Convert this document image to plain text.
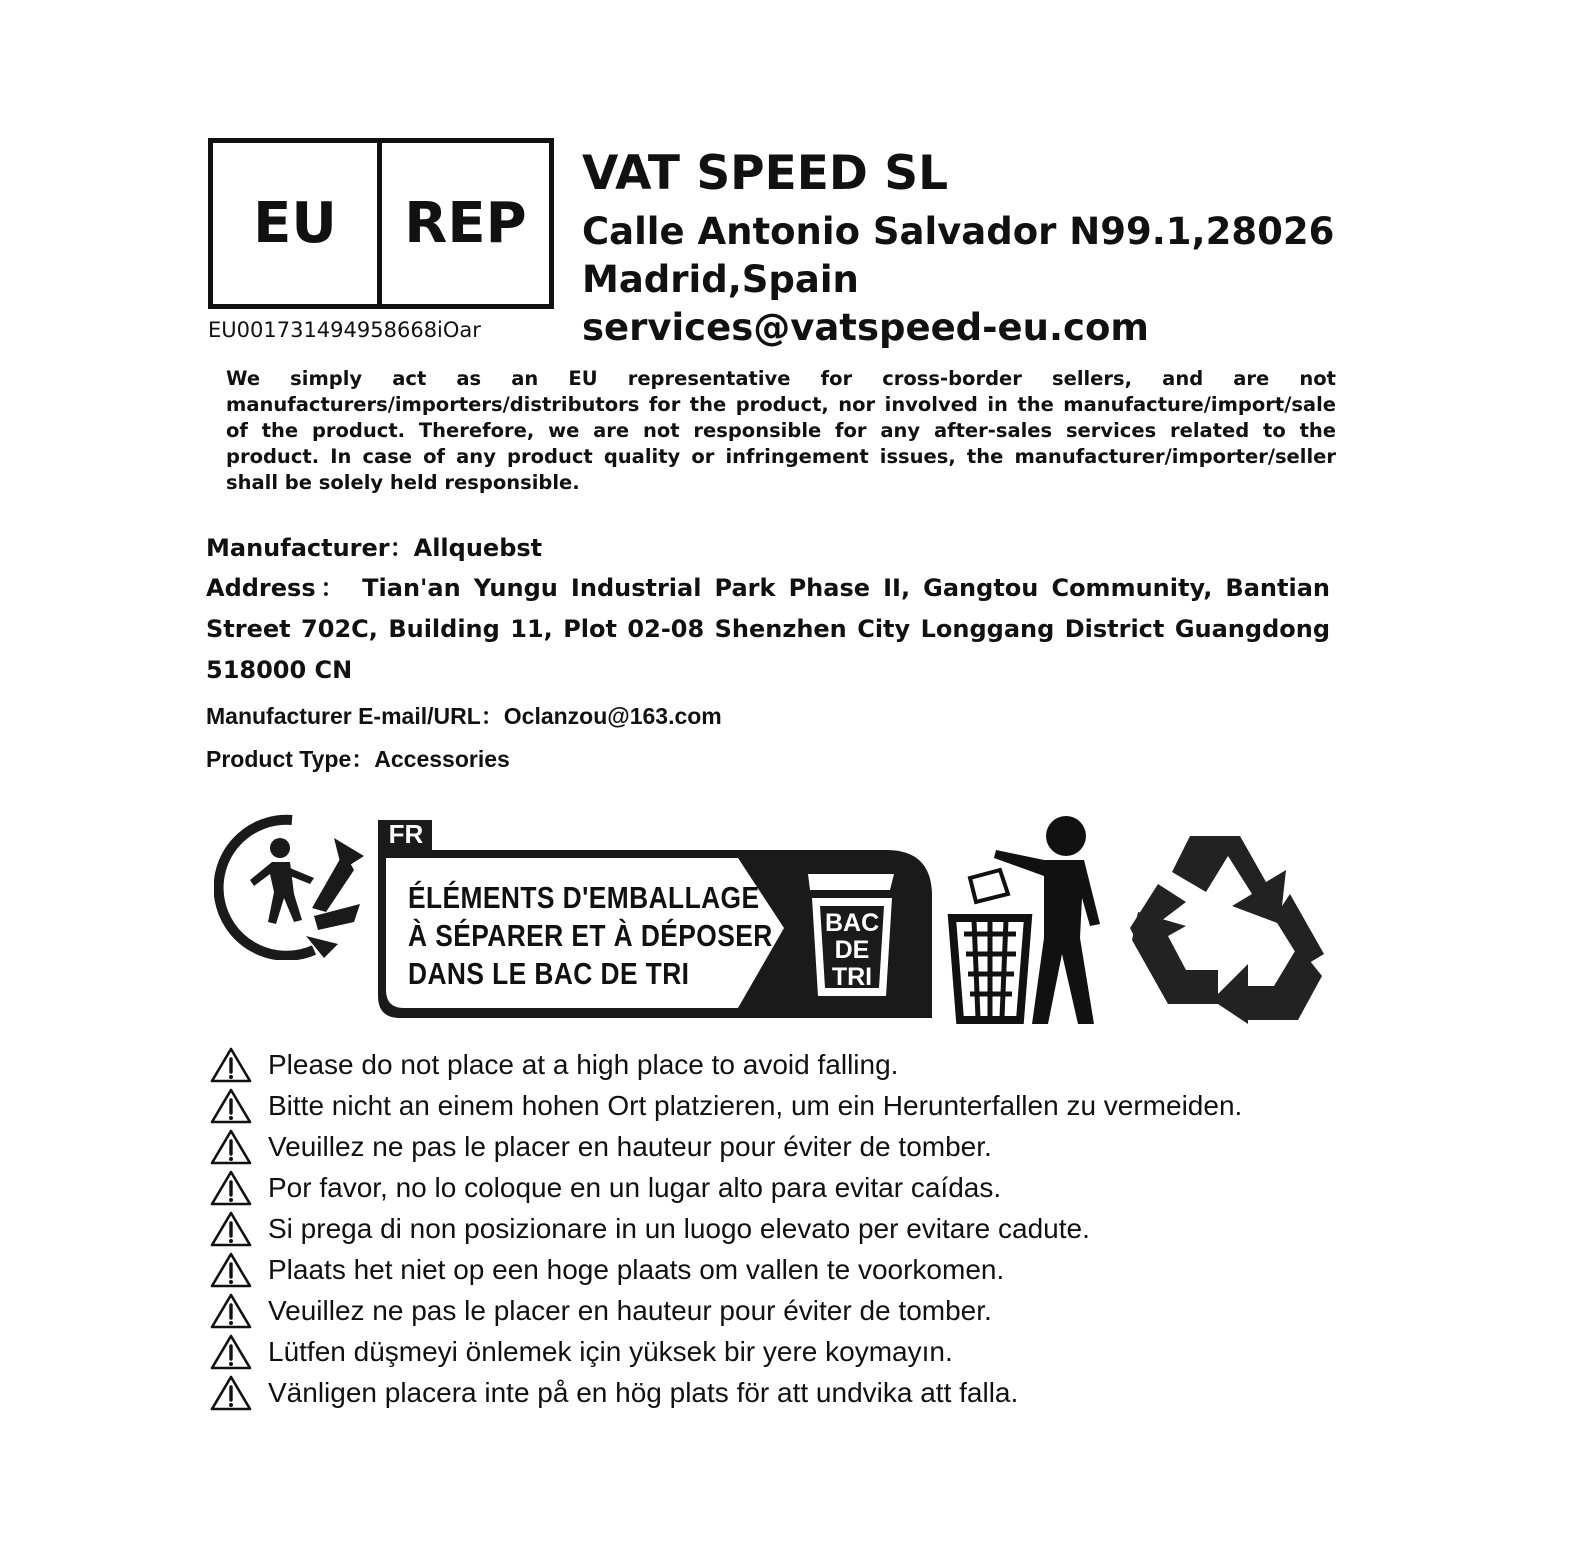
EU	REP
EU001731494958668iOar
VAT SPEED SL
Calle Antonio Salvador N99.1,28026
Madrid,Spain
services@vatspeed-eu.com
We simply act as an EU representative for cross-border sellers, and are not manufacturers/importers/distributors for the product, nor involved in the manufacture/import/sale of the product. Therefore, we are not responsible for any after-sales services related to the product. In case of any product quality or infringement issues, the manufacturer/importer/seller shall be solely held responsible.
Manufacturer：Allquebst
Address： Tian'an Yungu Industrial Park Phase II, Gangtou Community, Bantian Street 702C, Building 11, Plot 02-08 Shenzhen City Longgang District Guangdong 518000 CN
Manufacturer E-mail/URL：Oclanzou@163.com
Product Type：Accessories
FR
ÉLÉMENTS D'EMBALLAGE
À SÉPARER ET À DÉPOSER
DANS LE BAC DE TRI
BAC
DE
TRI
Please do not place at a high place to avoid falling.
Bitte nicht an einem hohen Ort platzieren, um ein Herunterfallen zu vermeiden.
Veuillez ne pas le placer en hauteur pour éviter de tomber.
Por favor, no lo coloque en un lugar alto para evitar caídas.
Si prega di non posizionare in un luogo elevato per evitare cadute.
Plaats het niet op een hoge plaats om vallen te voorkomen.
Veuillez ne pas le placer en hauteur pour éviter de tomber.
Lütfen düşmeyi önlemek için yüksek bir yere koymayın.
Vänligen placera inte på en hög plats för att undvika att falla.
